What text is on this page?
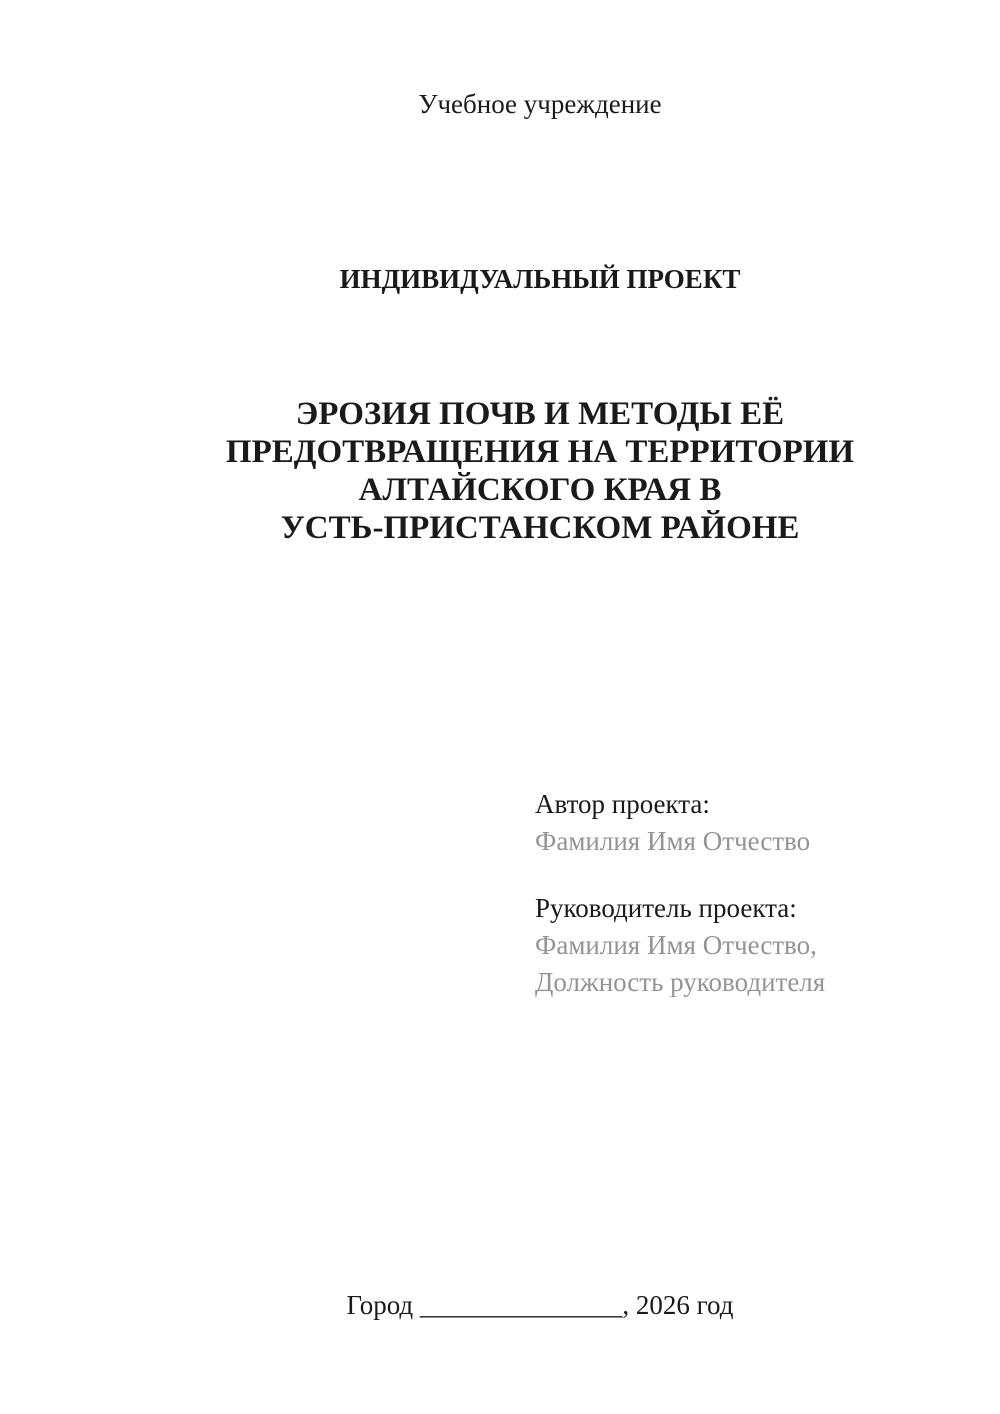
Учебное учреждение
ИНДИВИДУАЛЬНЫЙ ПРОЕКТ
ЭРОЗИЯ ПОЧВ И МЕТОДЫ ЕЁ
ПРЕДОТВРАЩЕНИЯ НА ТЕРРИТОРИИ
АЛТАЙСКОГО КРАЯ В
УСТЬ-ПРИСТАНСКОМ РАЙОНЕ
Автор проекта:
Фамилия Имя Отчество
Руководитель проекта:
Фамилия Имя Отчество,
Должность руководителя
Город _______________, 2026 год
